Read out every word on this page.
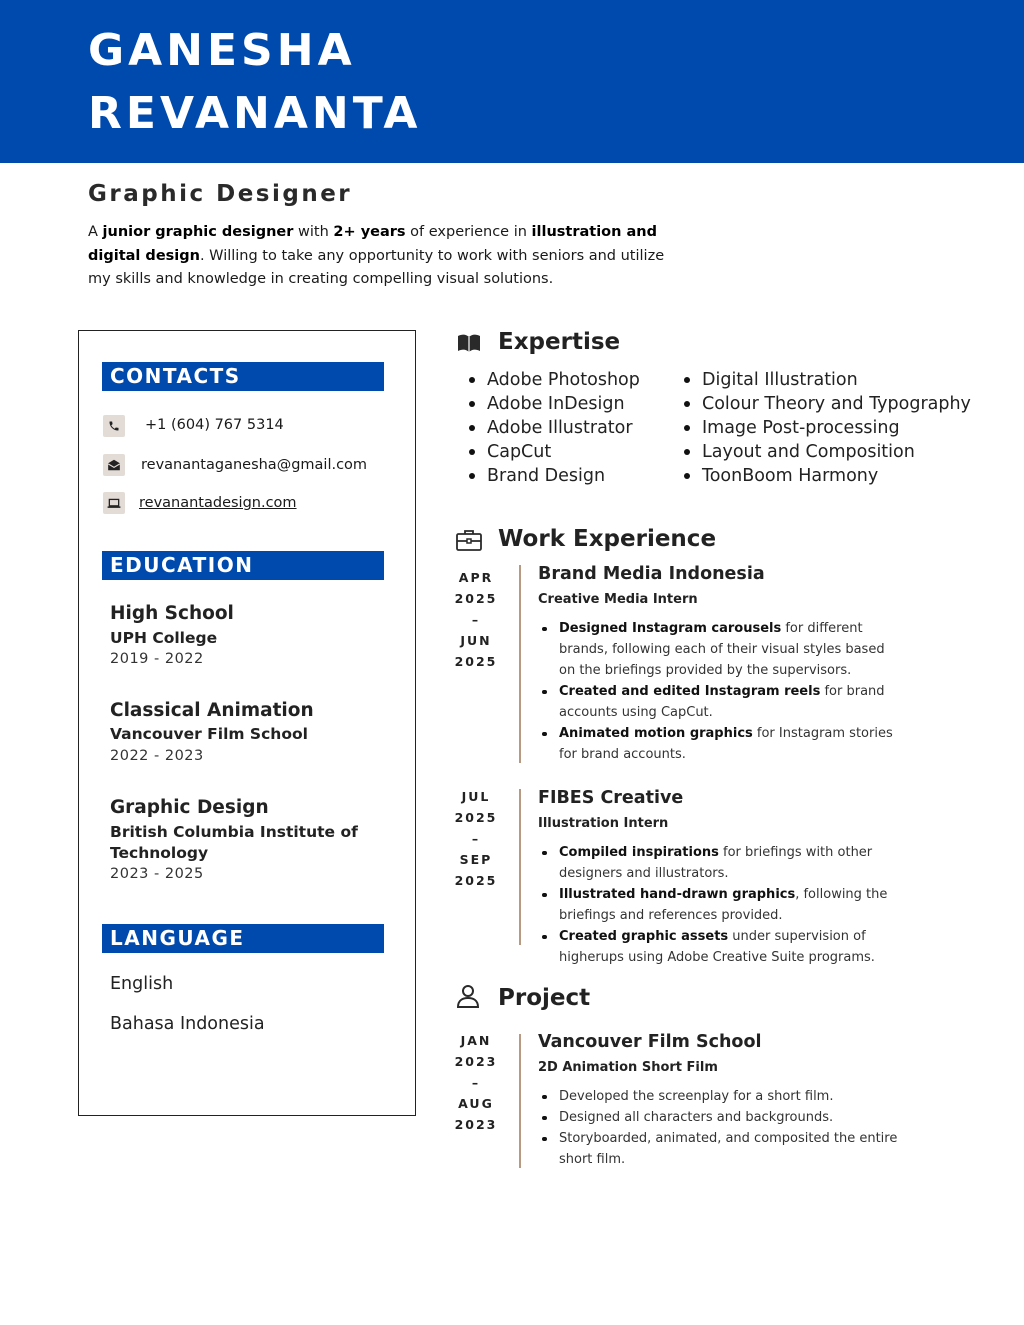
GANESHA
REVANANTA
Graphic Designer
A junior graphic designer with 2+ years of experience in illustration and digital design. Willing to take any opportunity to work with seniors and utilize my skills and knowledge in creating compelling visual solutions.
CONTACTS
+1 (604) 767 5314
revanantaganesha@gmail.com
revanantadesign.com
EDUCATION
High School
UPH College
2019 - 2022
Classical Animation
Vancouver Film School
2022 - 2023
Graphic Design
British Columbia Institute of Technology
2023 - 2025
LANGUAGE
English
Bahasa Indonesia
Expertise
Adobe Photoshop
Adobe InDesign
Adobe Illustrator
CapCut
Brand Design
Digital Illustration
Colour Theory and Typography
Image Post-processing
Layout and Composition
ToonBoom Harmony
Work Experience
APR
2025
–
JUN
2025
Brand Media Indonesia
Creative Media Intern
Designed Instagram carousels for different brands, following each of their visual styles based on the briefings provided by the supervisors.
Created and edited Instagram reels for brand accounts using CapCut.
Animated motion graphics for Instagram stories for brand accounts.
JUL
2025
–
SEP
2025
FIBES Creative
Illustration Intern
Compiled inspirations for briefings with other designers and illustrators.
Illustrated hand-drawn graphics, following the briefings and references provided.
Created graphic assets under supervision of higherups using Adobe Creative Suite programs.
Project
JAN
2023
–
AUG
2023
Vancouver Film School
2D Animation Short Film
Developed the screenplay for a short film.
Designed all characters and backgrounds.
Storyboarded, animated, and composited the entire short film.
